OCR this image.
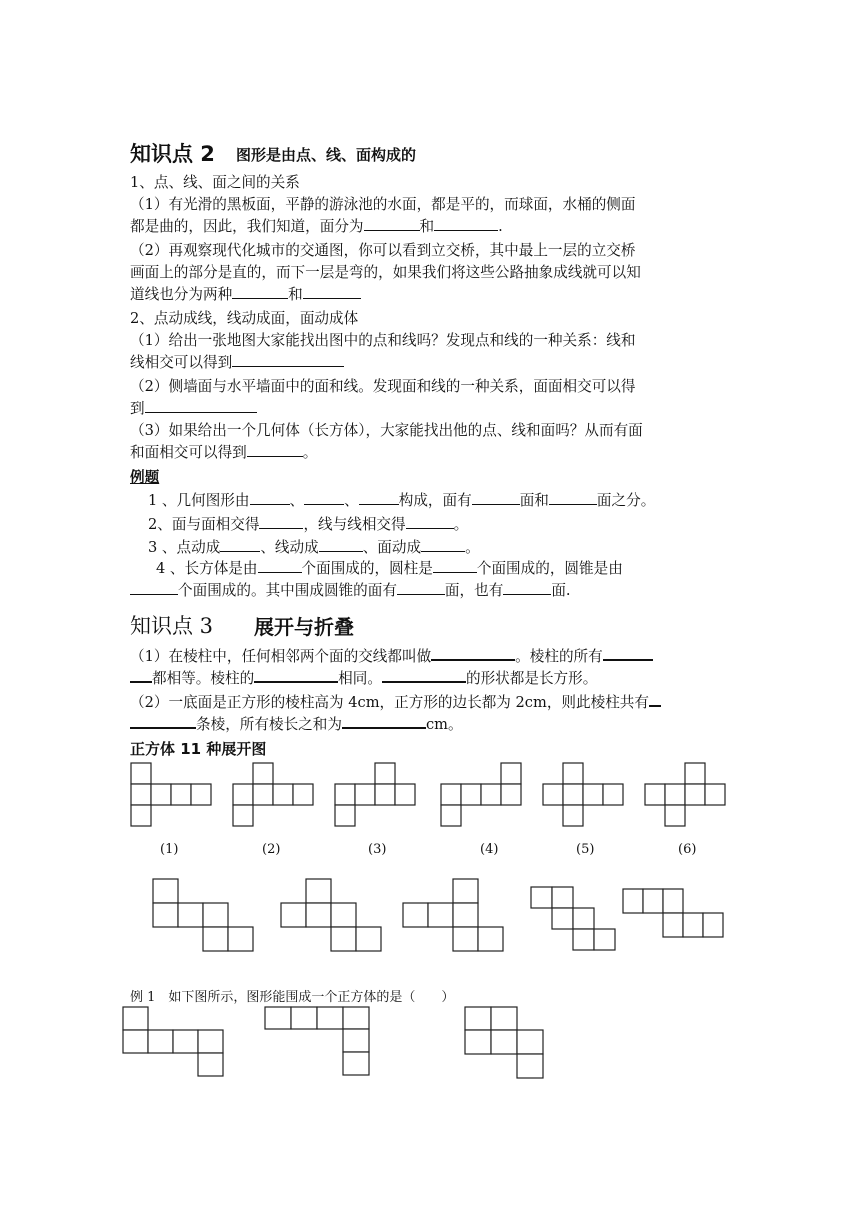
知识点 2 图形是由点、线、面构成的
1、点、线、面之间的关系
（1）有光滑的黑板面，平静的游泳池的水面，都是平的，而球面，水桶的侧面
都是曲的，因此，我们知道，面分为	和	.
（2）再观察现代化城市的交通图，你可以看到立交桥，其中最上一层的立交桥
画面上的部分是直的，而下一层是弯的，如果我们将这些公路抽象成线就可以知
道线也分为两种	和
2、点动成线，线动成面，面动成体
（1）给出一张地图大家能找出图中的点和线吗？发现点和线的一种关系：线和
线相交可以得到
（2）侧墙面与水平墙面中的面和线。发现面和线的一种关系，面面相交可以得
到
（3）如果给出一个几何体（长方体），大家能找出他的点、线和面吗？从而有面
和面相交可以得到	。
例题
1 、几何图形由	、	、	构成，面有	面和	面之分。
2、面与面相交得	，线与线相交得	。
3 、点动成	、线动成	、面动成	。
4 、长方体是由	个面围成的，圆柱是	个面围成的，圆锥是由
个面围成的。其中围成圆锥的面有	面，也有	面.
知识点 3 展开与折叠
（1）在棱柱中，任何相邻两个面的交线都叫做	。棱柱的所有
都相等。棱柱的	相同。	的形状都是长方形。
（2）一底面是正方形的棱柱高为 4cm，正方形的边长都为 2cm，则此棱柱共有
条棱，所有棱长之和为	cm。
正方体 11 种展开图
(1)	(2)	(3)	(4)	(5)	(6)
例 1　如下图所示，图形能围成一个正方体的是（　　）
